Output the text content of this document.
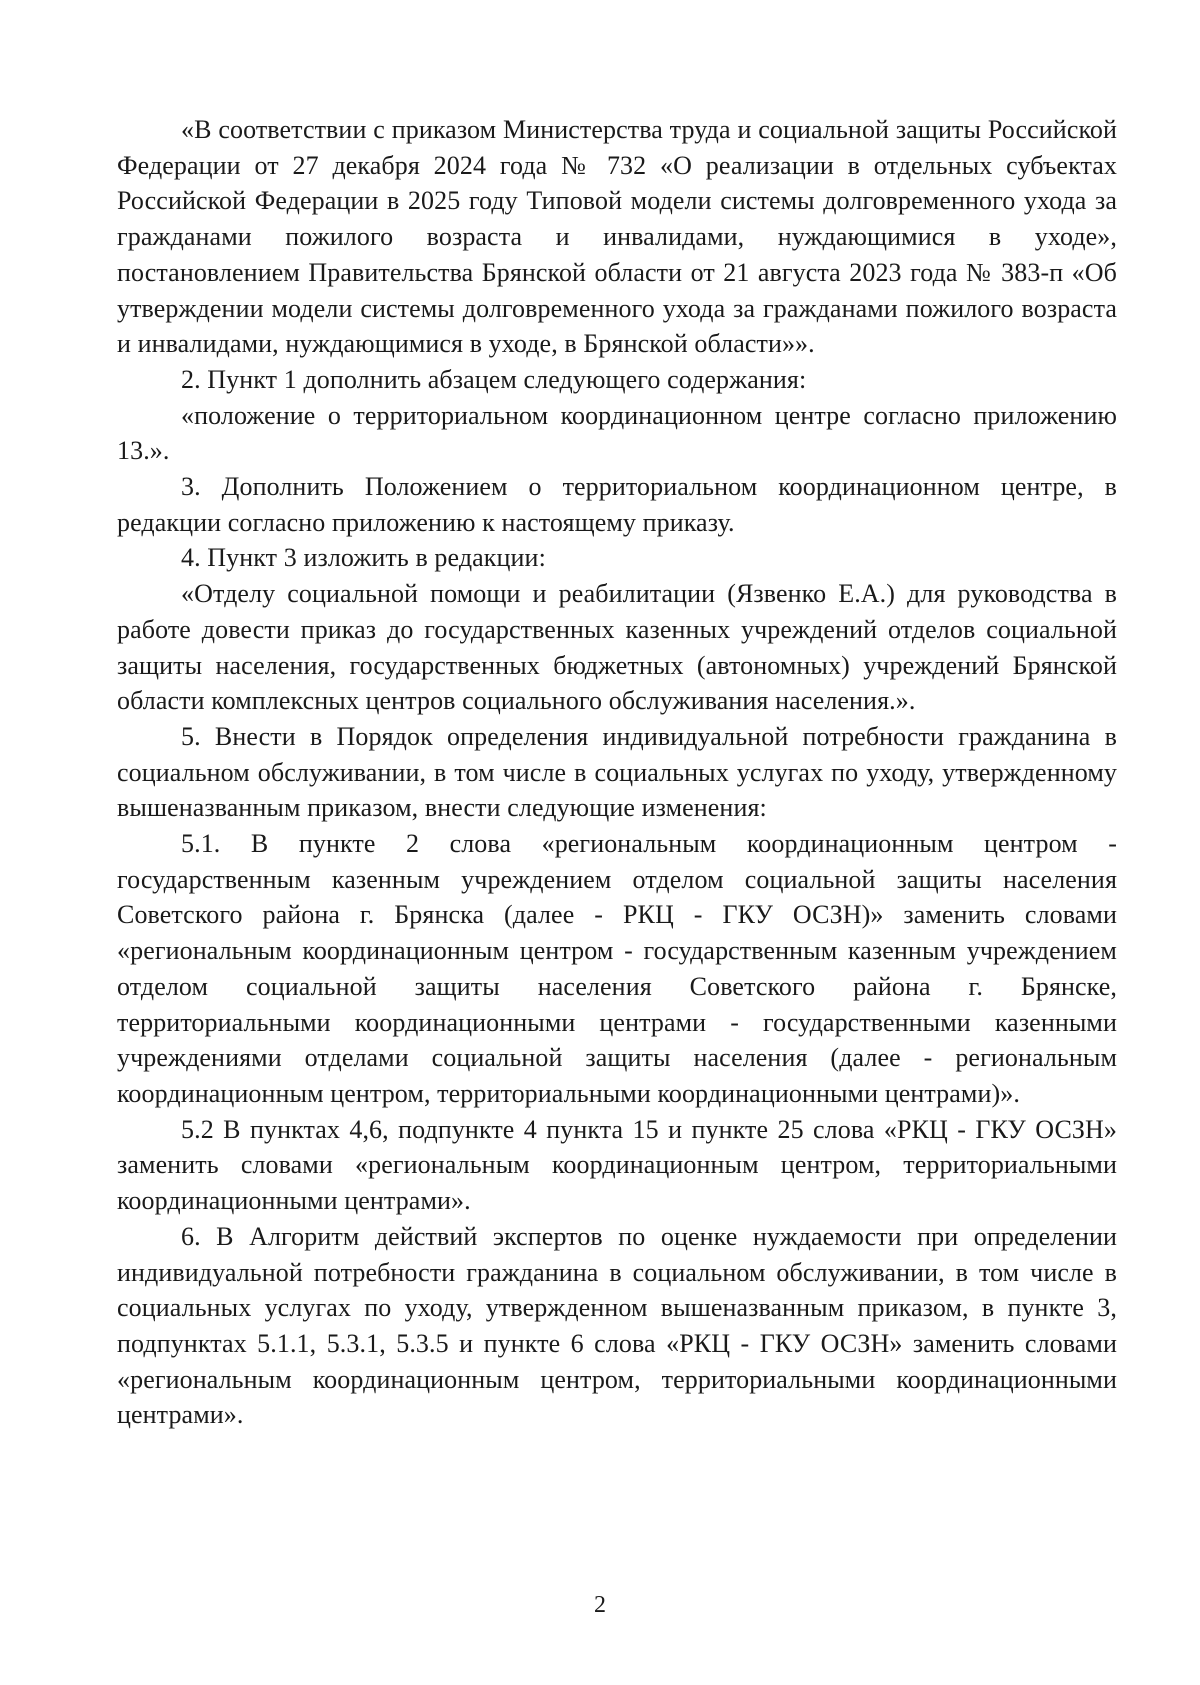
«В соответствии с приказом Министерства труда и социальной защиты Российской Федерации от 27 декабря 2024 года № 732 «О реализации в отдельных субъектах Российской Федерации в 2025 году Типовой модели системы долговременного ухода за гражданами пожилого возраста и инвалидами, нуждающимися в уходе», постановлением Правительства Брянской области от 21 августа 2023 года № 383-п «Об утверждении модели системы долговременного ухода за гражданами пожилого возраста и инвалидами, нуждающимися в уходе, в Брянской области»».

2. Пункт 1 дополнить абзацем следующего содержания:

«положение о территориальном координационном центре согласно приложению 13.».

3. Дополнить Положением о территориальном координационном центре, в редакции согласно приложению к настоящему приказу.

4. Пункт 3 изложить в редакции:

«Отделу социальной помощи и реабилитации (Язвенко Е.А.) для руководства в работе довести приказ до государственных казенных учреждений отделов социальной защиты населения, государственных бюджетных (автономных) учреждений Брянской области комплексных центров социального обслуживания населения.».

5. Внести в Порядок определения индивидуальной потребности гражданина в социальном обслуживании, в том числе в социальных услугах по уходу, утвержденному вышеназванным приказом, внести следующие изменения:

5.1. В пункте 2 слова «региональным координационным центром - государственным казенным учреждением отделом социальной защиты населения Советского района г. Брянска (далее - РКЦ - ГКУ ОСЗН)» заменить словами «региональным координационным центром - государственным казенным учреждением отделом социальной защиты населения Советского района г. Брянске, территориальными координационными центрами - государственными казенными учреждениями отделами социальной защиты населения (далее - региональным координационным центром, территориальными координационными центрами)».

5.2 В пунктах 4,6, подпункте 4 пункта 15 и пункте 25 слова «РКЦ - ГКУ ОСЗН» заменить словами «региональным координационным центром, территориальными координационными центрами».

6. В Алгоритм действий экспертов по оценке нуждаемости при определении индивидуальной потребности гражданина в социальном обслуживании, в том числе в социальных услугах по уходу, утвержденном вышеназванным приказом, в пункте 3, подпунктах 5.1.1, 5.3.1, 5.3.5 и пункте 6 слова «РКЦ - ГКУ ОСЗН» заменить словами «региональным координационным центром, территориальными координационными центрами».

2
